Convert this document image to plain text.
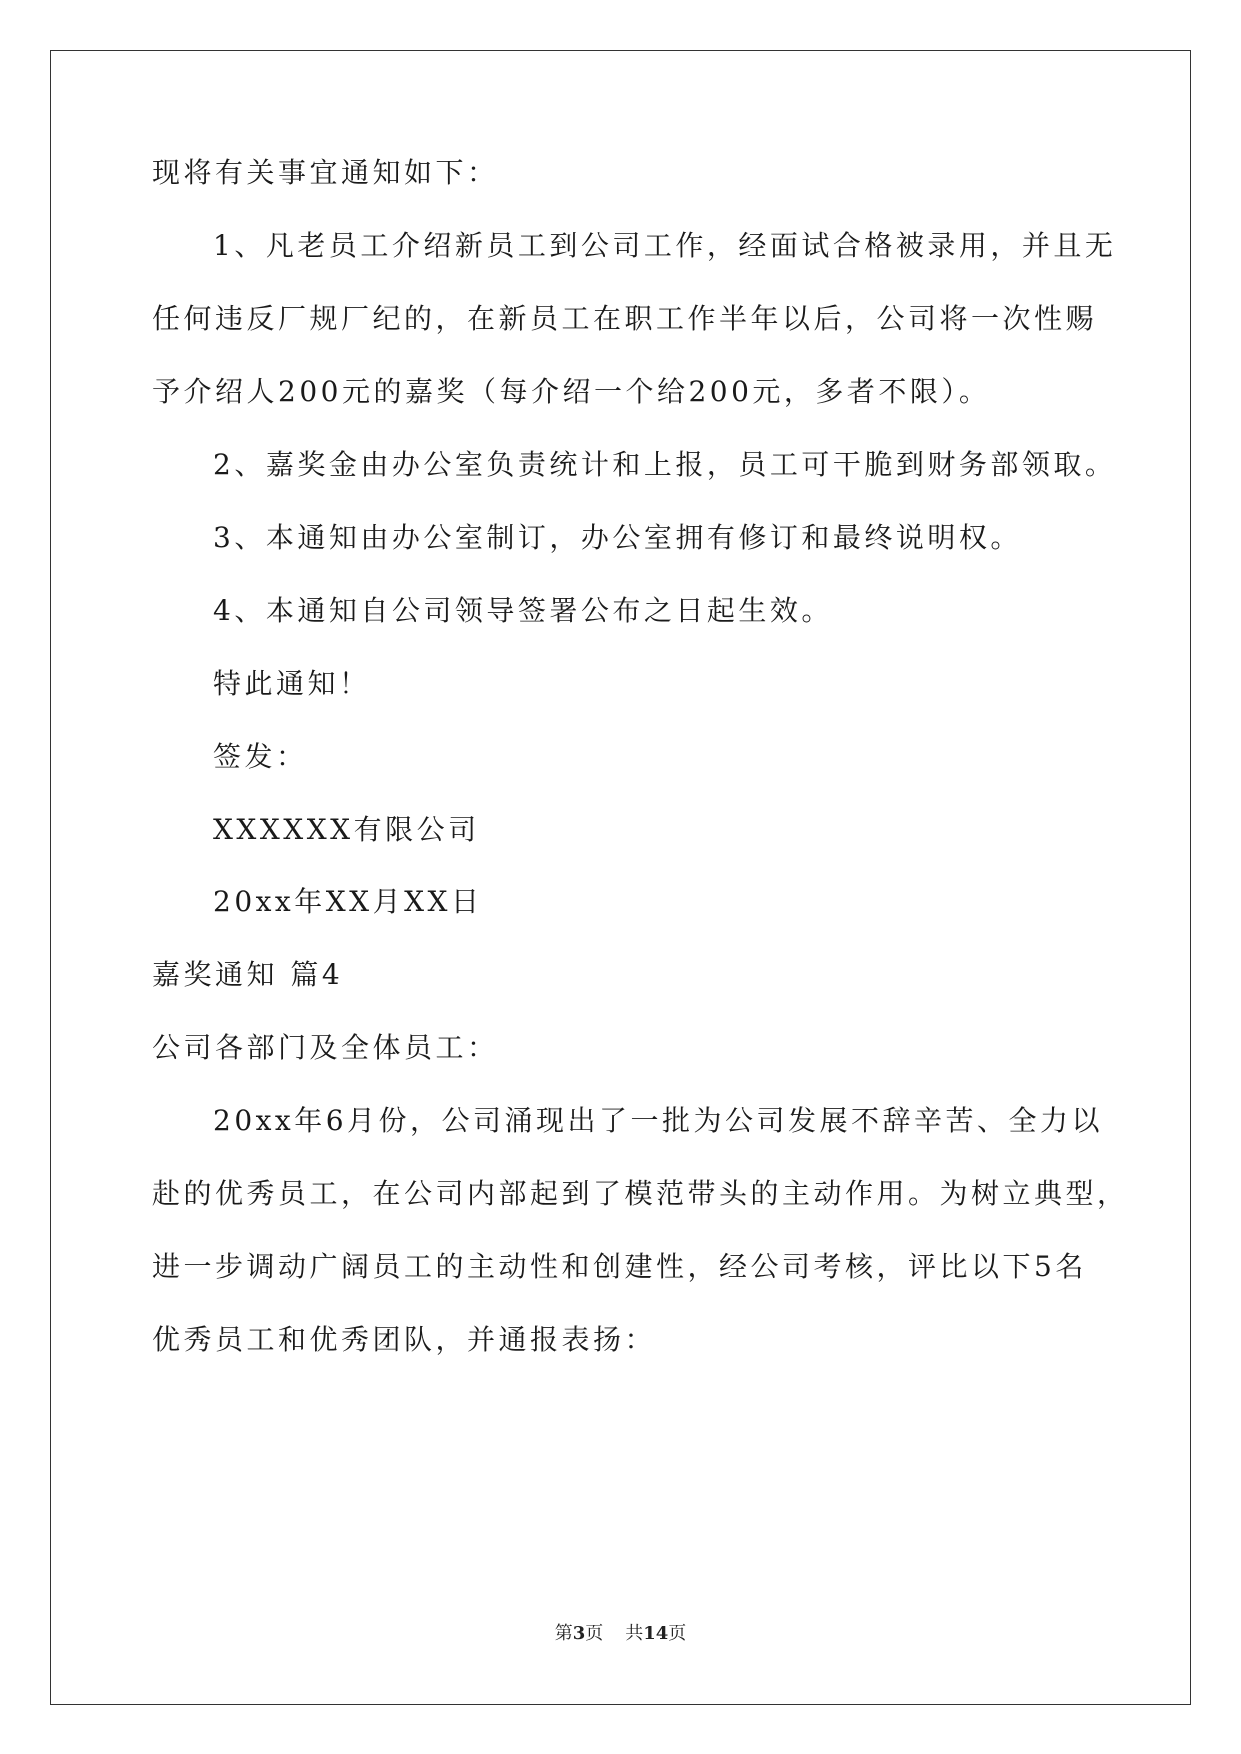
现将有关事宜通知如下：
1、凡老员工介绍新员工到公司工作，经面试合格被录用，并且无
任何违反厂规厂纪的，在新员工在职工作半年以后，公司将一次性赐
予介绍人200元的嘉奖（每介绍一个给200元，多者不限）。
2、嘉奖金由办公室负责统计和上报，员工可干脆到财务部领取。
3、本通知由办公室制订，办公室拥有修订和最终说明权。
4、本通知自公司领导签署公布之日起生效。
特此通知！
签发：
XXXXXX有限公司
20xx年XX月XX日
嘉奖通知 篇4
公司各部门及全体员工：
20xx年6月份，公司涌现出了一批为公司发展不辞辛苦、全力以
赴的优秀员工，在公司内部起到了模范带头的主动作用。为树立典型，
进一步调动广阔员工的主动性和创建性，经公司考核，评比以下5名
优秀员工和优秀团队，并通报表扬：
第3页 共14页
